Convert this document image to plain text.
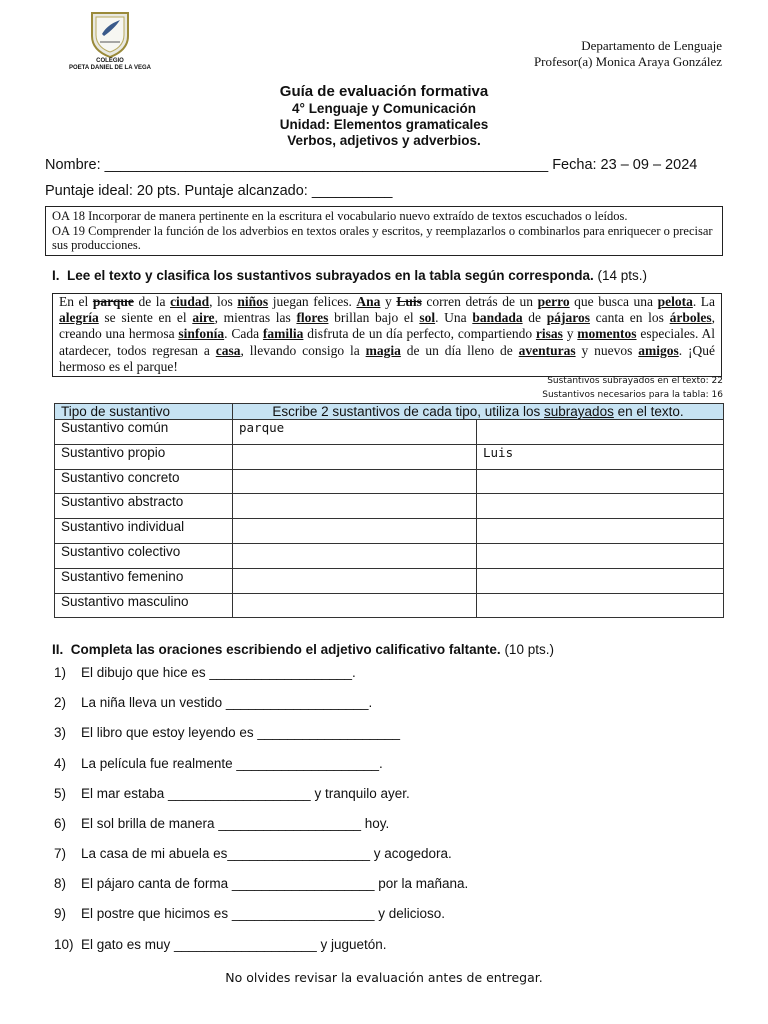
COLEGIO
POETA DANIEL DE LA VEGA
Departamento de Lenguaje
Profesor(a) Monica Araya González
Guía de evaluación formativa
4° Lenguaje y Comunicación
Unidad: Elementos gramaticales
Verbos, adjetivos y adverbios.
Nombre: _______________________________________________________ Fecha: 23 – 09 – 2024
Puntaje ideal: 20 pts. Puntaje alcanzado: __________
OA 18 Incorporar de manera pertinente en la escritura el vocabulario nuevo extraído de textos escuchados o leídos.
OA 19 Comprender la función de los adverbios en textos orales y escritos, y reemplazarlos o combinarlos para enriquecer o precisar sus producciones.
I. Lee el texto y clasifica los sustantivos subrayados en la tabla según corresponda. (14 pts.)
En el parque de la ciudad, los niños juegan felices. Ana y Luis corren detrás de un perro que busca una pelota. La alegría se siente en el aire, mientras las flores brillan bajo el sol. Una bandada de pájaros canta en los árboles, creando una hermosa sinfonía. Cada familia disfruta de un día perfecto, compartiendo risas y momentos especiales. Al atardecer, todos regresan a casa, llevando consigo la magia de un día lleno de aventuras y nuevos amigos. ¡Qué hermoso es el parque!
Sustantivos subrayados en el texto: 22
Sustantivos necesarios para la tabla: 16
Tipo de sustantivo	Escribe 2 sustantivos de cada tipo, utiliza los subrayados en el texto.	
Sustantivo común	parque	
Sustantivo propio		Luis
Sustantivo concreto		
Sustantivo abstracto		
Sustantivo individual		
Sustantivo colectivo		
Sustantivo femenino		
Sustantivo masculino		
II. Completa las oraciones escribiendo el adjetivo calificativo faltante. (10 pts.)
1) El dibujo que hice es ___________________.
2) La niña lleva un vestido ___________________.
3) El libro que estoy leyendo es ___________________
4) La película fue realmente ___________________.
5) El mar estaba ___________________ y tranquilo ayer.
6) El sol brilla de manera ___________________ hoy.
7) La casa de mi abuela es___________________ y acogedora.
8) El pájaro canta de forma ___________________ por la mañana.
9) El postre que hicimos es ___________________ y delicioso.
10) El gato es muy ___________________ y juguetón.
No olvides revisar la evaluación antes de entregar.
